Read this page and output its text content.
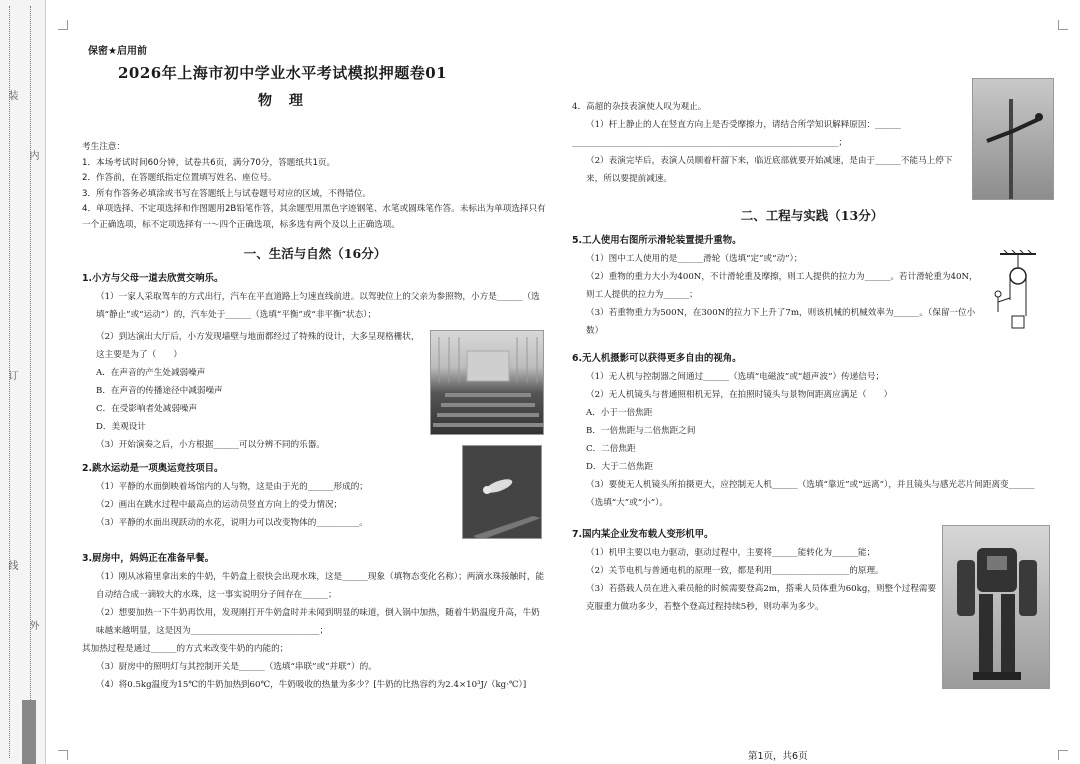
装
订
线
内
外
保密★启用前
2026年上海市初中学业水平考试模拟押题卷01
物 理
考生注意：
1．本场考试时间60分钟，试卷共6页，满分70分，答题纸共1页。
2．作答前，在答题纸指定位置填写姓名、座位号。
3．所有作答务必填涂或书写在答题纸上与试卷题号对应的区域，不得错位。
4．单项选择、不定项选择和作图题用2B铅笔作答，其余题型用黑色字迹钢笔、水笔或圆珠笔作答。未标出为单项选择只有一个正确选项，标不定项选择有一～四个正确选项，标多选有两个及以上正确选项。
一、生活与自然（16分）
1.小方与父母一道去欣赏交响乐。
（1）一家人采取驾车的方式出行，汽车在平直道路上匀速直线前进。以驾驶位上的父亲为参照物，小方是______（选填“静止”或“运动”）的，汽车处于______（选填“平衡”或“非平衡”状态）；
（2）到达演出大厅后，小方发现墙壁与地面都经过了特殊的设计，大多呈现格栅状，这主要是为了（　　）
A．在声音的产生处减弱噪声
B．在声音的传播途径中减弱噪声
C．在受影响者处减弱噪声
D．美观设计
（3）开始演奏之后，小方根据______可以分辨不同的乐器。
2.跳水运动是一项奥运竞技项目。
（1）平静的水面倒映着场馆内的人与物，这是由于光的______形成的；
（2）画出在跳水过程中最高点的运动员竖直方向上的受力情况；
（3）平静的水面出现跃动的水花，说明力可以改变物体的__________。
3.厨房中，妈妈正在准备早餐。
（1）刚从冰箱里拿出来的牛奶，牛奶盒上很快会出现水珠，这是______现象（填物态变化名称）；两滴水珠接触时，能自动结合成一滴较大的水珠，这一事实说明分子间存在______；
（2）想要加热一下牛奶再饮用，发现刚打开牛奶盒时并未闻到明显的味道，倒入锅中加热，随着牛奶温度升高，牛奶味越来越明显，这是因为______________________________；
其加热过程是通过______的方式来改变牛奶的内能的；
（3）厨房中的照明灯与其控制开关是______（选填“串联”或“并联”）的。
（4）将0.5kg温度为15℃的牛奶加热到60℃，牛奶吸收的热量为多少？[牛奶的比热容约为2.4×10³J/（kg·℃）]
4．高超的杂技表演使人叹为观止。
（1）杆上静止的人在竖直方向上是否受摩擦力，请结合所学知识解释原因：______
______________________________________________________________；
（2）表演完毕后，表演人员顺着杆溜下来，临近底部就要开始减速，是由于______不能马上停下来，所以要提前减速。
二、工程与实践（13分）
5.工人使用右图所示滑轮装置提升重物。
（1）图中工人使用的是______滑轮（选填“定”或“动”）；
（2）重物的重力大小为400N，不计滑轮重及摩擦，则工人提供的拉力为______。若计滑轮重为40N，则工人提供的拉力为______；
（3）若重物重力为500N，在300N的拉力下上升了7m，则该机械的机械效率为______。（保留一位小数）
6.无人机摄影可以获得更多自由的视角。
（1）无人机与控制器之间通过______（选填“电磁波”或“超声波”）传递信号；
（2）无人机镜头与普通照相机无异，在拍照时镜头与景物间距离应满足（　　）
A．小于一倍焦距
B．一倍焦距与二倍焦距之间
C．二倍焦距
D．大于二倍焦距
（3）要使无人机镜头所拍摄更大，应控制无人机______（选填“靠近”或“远离”），并且镜头与感光芯片间距离变______（选填“大”或“小”）。
7.国内某企业发布载人变形机甲。
（1）机甲主要以电力驱动，驱动过程中，主要将______能转化为______能；
（2）关节电机与普通电机的原理一致，都是利用__________________的原理。
（3）若搭载人员在进入乘员舱的时候需要登高2m，搭乘人员体重为60kg，则整个过程需要克服重力做功多少，若整个登高过程持续5秒，则功率为多少。
第1页，共6页
